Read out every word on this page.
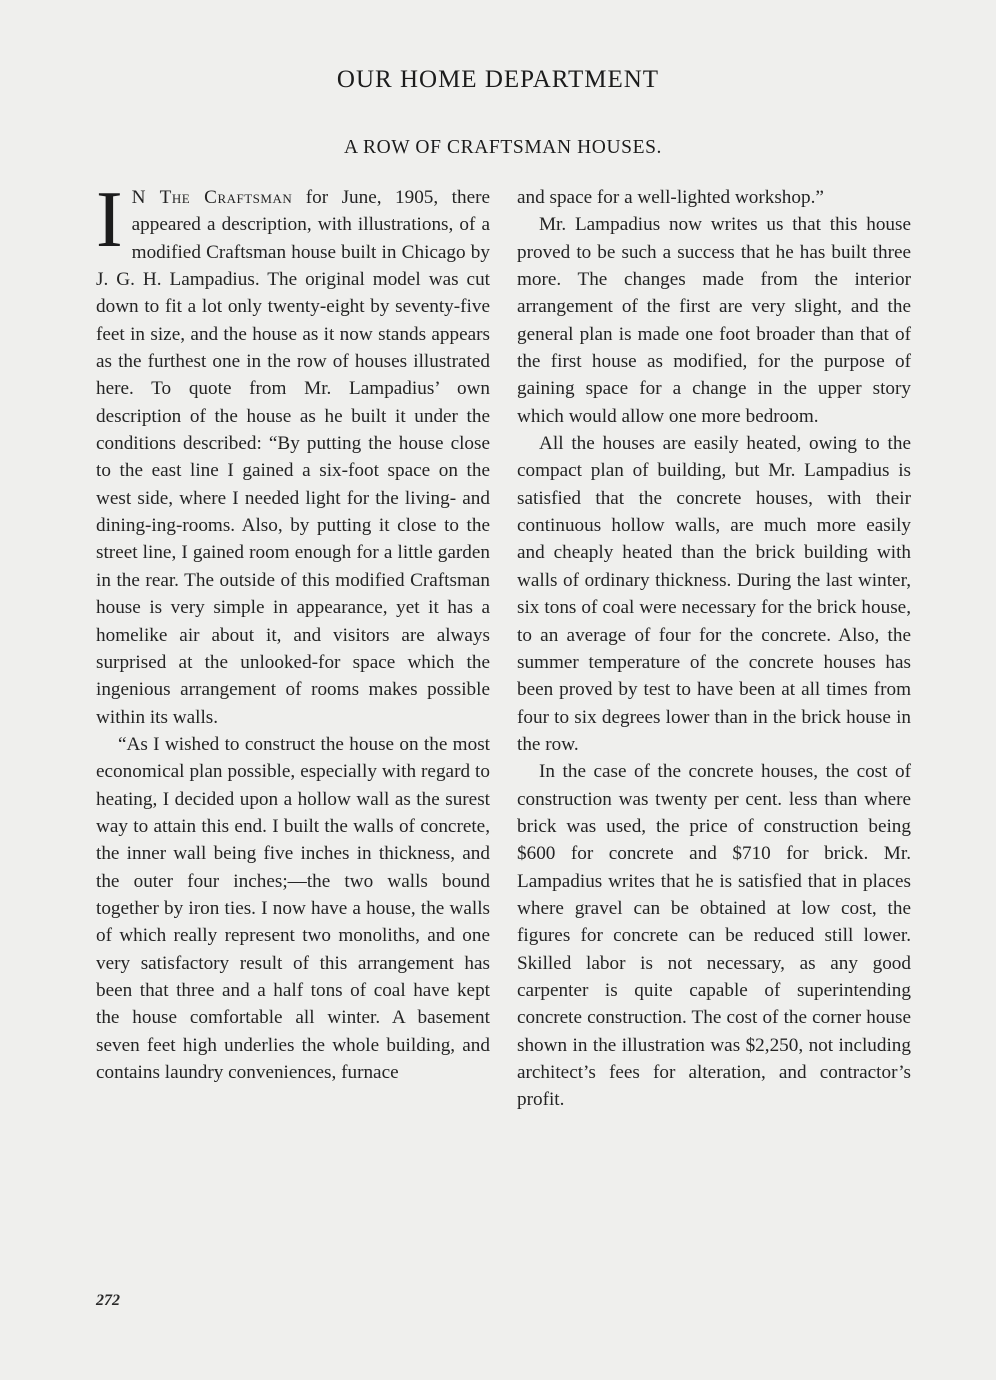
OUR HOME DEPARTMENT
A ROW OF CRAFTSMAN HOUSES.

I N The Craftsman for June, 1905, there appeared a description, with illustrations, of a modified Craftsman house built in Chicago by J. G. H. Lampadius. The original model was cut down to fit a lot only twenty-eight by seventy-five feet in size, and the house as it now stands appears as the furthest one in the row of houses illustrated here. To quote from Mr. Lampadius’ own description of the house as he built it under the conditions described: “By putting the house close to the east line I gained a six-foot space on the west side, where I needed light for the living- and dining-ing-rooms. Also, by putting it close to the street line, I gained room enough for a little garden in the rear. The outside of this modified Craftsman house is very simple in appearance, yet it has a homelike air about it, and visitors are always surprised at the unlooked-for space which the ingenious arrangement of rooms makes possible within its walls.

“As I wished to construct the house on the most economical plan possible, especially with regard to heating, I decided upon a hollow wall as the surest way to attain this end. I built the walls of concrete, the inner wall being five inches in thickness, and the outer four inches;—the two walls bound together by iron ties. I now have a house, the walls of which really represent two monoliths, and one very satisfactory result of this arrangement has been that three and a half tons of coal have kept the house comfortable all winter. A basement seven feet high underlies the whole building, and contains laundry conveniences, furnace

and space for a well-lighted workshop.”

Mr. Lampadius now writes us that this house proved to be such a success that he has built three more. The changes made from the interior arrangement of the first are very slight, and the general plan is made one foot broader than that of the first house as modified, for the purpose of gaining space for a change in the upper story which would allow one more bedroom.

All the houses are easily heated, owing to the compact plan of building, but Mr. Lampadius is satisfied that the concrete houses, with their continuous hollow walls, are much more easily and cheaply heated than the brick building with walls of ordinary thickness. During the last winter, six tons of coal were necessary for the brick house, to an average of four for the concrete. Also, the summer temperature of the concrete houses has been proved by test to have been at all times from four to six degrees lower than in the brick house in the row.

In the case of the concrete houses, the cost of construction was twenty per cent. less than where brick was used, the price of construction being $600 for concrete and $710 for brick. Mr. Lampadius writes that he is satisfied that in places where gravel can be obtained at low cost, the figures for concrete can be reduced still lower. Skilled labor is not necessary, as any good carpenter is quite capable of superintending concrete construction. The cost of the corner house shown in the illustration was $2,250, not including architect’s fees for alteration, and contractor’s profit.

272
